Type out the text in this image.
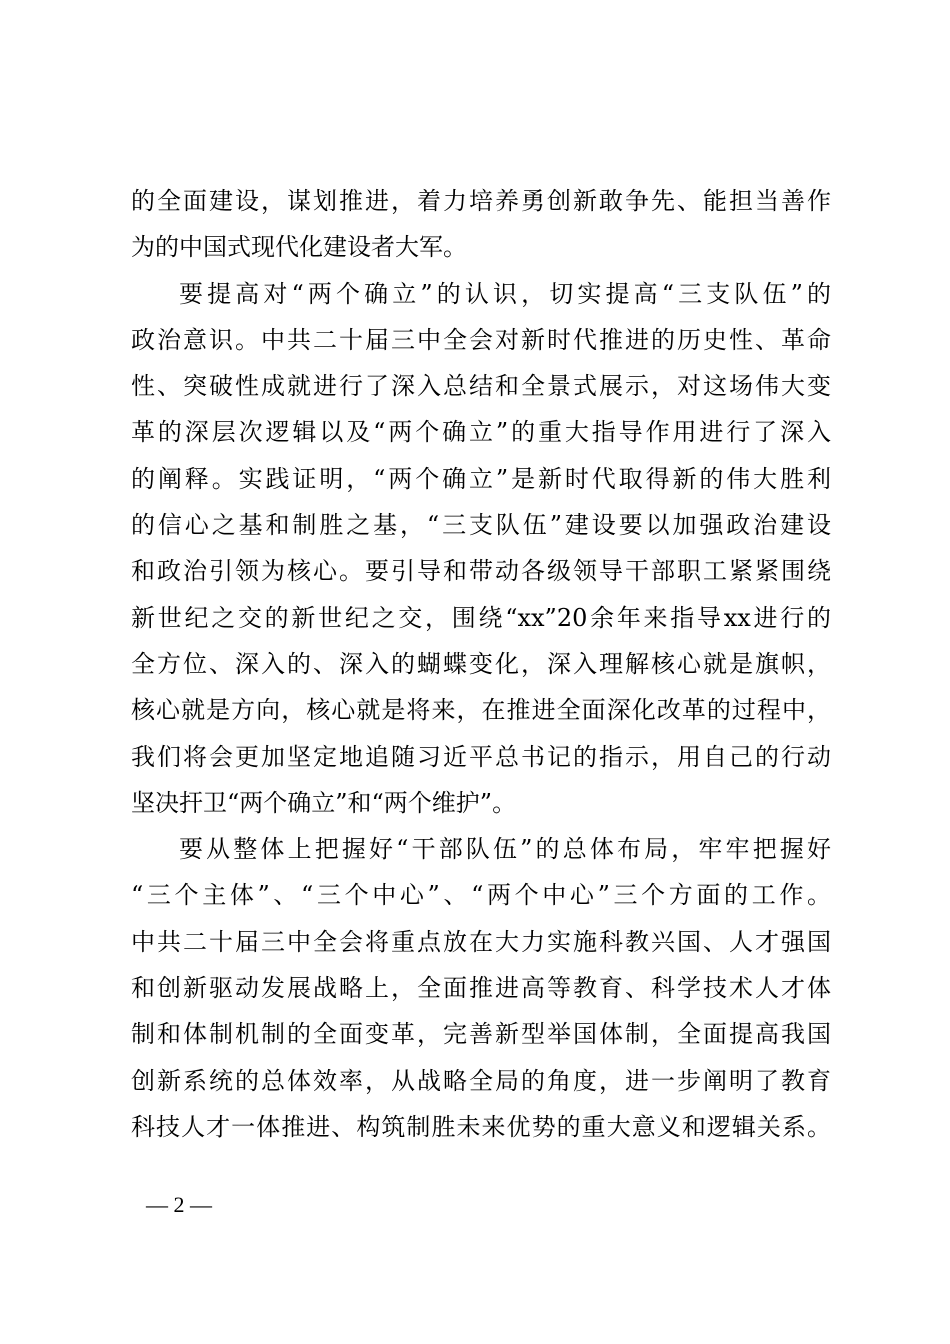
的全面建设，谋划推进，着力培养勇创新敢争先、能担当善作
为的中国式现代化建设者大军。
要提高对“两个确立”的认识，切实提高“三支队伍”的
政治意识。中共二十届三中全会对新时代推进的历史性、革命
性、突破性成就进行了深入总结和全景式展示，对这场伟大变
革的深层次逻辑以及“两个确立”的重大指导作用进行了深入
的阐释。实践证明，“两个确立”是新时代取得新的伟大胜利
的信心之基和制胜之基，“三支队伍”建设要以加强政治建设
和政治引领为核心。要引导和带动各级领导干部职工紧紧围绕
新世纪之交的新世纪之交，围绕“xx”20余年来指导xx进行的
全方位、深入的、深入的蝴蝶变化，深入理解核心就是旗帜，
核心就是方向，核心就是将来，在推进全面深化改革的过程中，
我们将会更加坚定地追随习近平总书记的指示，用自己的行动
坚决扞卫“两个确立”和“两个维护”。
要从整体上把握好“干部队伍”的总体布局，牢牢把握好
“三个主体”、“三个中心”、“两个中心”三个方面的工作。
中共二十届三中全会将重点放在大力实施科教兴国、人才强国
和创新驱动发展战略上，全面推进高等教育、科学技术人才体
制和体制机制的全面变革，完善新型举国体制，全面提高我国
创新系统的总体效率，从战略全局的角度，进一步阐明了教育
科技人才一体推进、构筑制胜未来优势的重大意义和逻辑关系。
— 2 —
